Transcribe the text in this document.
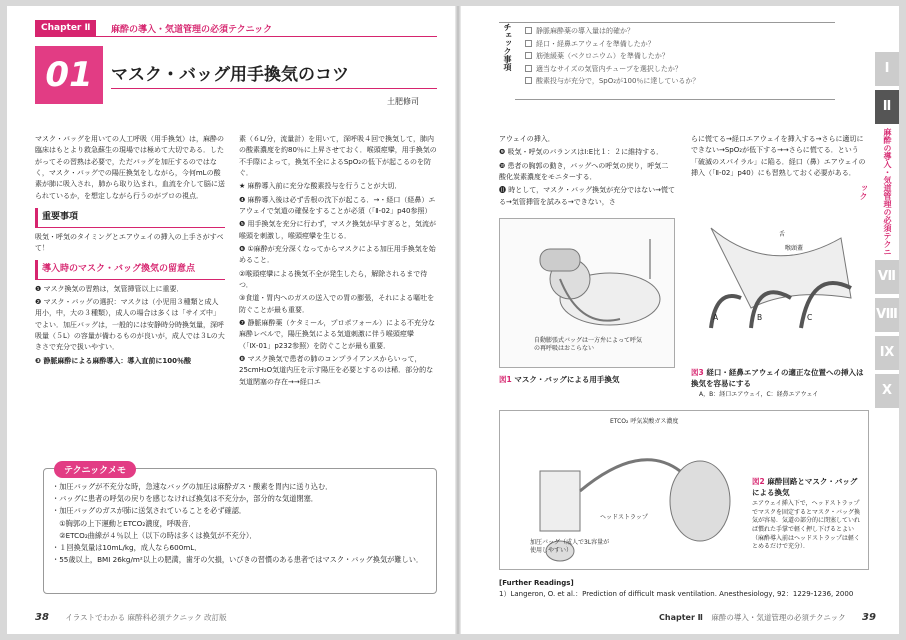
Chapter Ⅱ	麻酔の導入・気道管理の必須テクニック
01	マスク・バッグ用手換気のコツ
土肥修司

マスク・バッグを用いての人工呼吸（用手換気）は，麻酔の臨床はもとより救急蘇生の現場では極めて大切である．したがってその習熟は必要で，ただバッグを加圧するのではなく，マスク・バッグでの陽圧換気をしながら，今何mLの酸素が肺に吸入され，肺から取り込まれ，血流を介して脳に送られているか，を想定しながら行うのがプロの視点．

重要事項

吸気・呼気のタイミングとエアウェイの挿入の上手さがすべて！

導入時のマスク・バッグ換気の留意点

❶ マスク換気の習熟は，気管挿管以上に重要．

❷ マスク・バッグの選択：マスクは（小児用３種類と成人用小，中，大の３種類），成人の場合は多くは「サイズ中」でよい．加圧バッグは，一般的には安静時分時換気量，深呼吸量（５L）の容量が備わるものが良いが，成人では３Lの大きさで充分で扱いやすい．

❸ 静脈麻酔による麻酔導入：導入直前に100％酸

素（６L/分，流量計）を用いて，深呼吸４回で換気して，肺内の酸素濃度を約80％に上昇させておく．喉頭痙攣，用手換気の不手際によって，換気不全によるSpO₂の低下が起こるのを防ぐ．

★ 麻酔導入前に充分な酸素投与を行うことが大切．

❹ 麻酔導入後は必ず舌根の沈下が起こる．→・経口（経鼻）エアウェイで気道の確保をすることが必須（「Ⅱ-02」p40参照）

❺ 用手換気を充分に行わず，マスク換気が早すぎると，気流が喉頭を刺激し，喉頭痙攣を生じる．

❻ ①麻酔が充分深くなってからマスクによる加圧用手換気を始めること．

②喉頭痙攣による換気不全が発生したら，解除されるまで待つ．

③食道・胃内へのガスの送入での胃の膨張，それによる嘔吐を防ぐことが最も重要．

❼ 静脈麻酔薬（ケタミール，プロポフォール）による不充分な麻酔レベルで，陽圧換気による気道刺激に伴う喉頭痙攣（「Ⅸ-01」p232参照）を防ぐことが最も重要．

❽ マスク換気で患者の肺のコンプライアンスからいって，25cmH₂O気道内圧を示す陽圧を必要とするのは稀．部分的な気道閉塞の存在→→経口エ

テクニックメモ
・加圧バッグが不充分な時，急速なバッグの加圧は麻酔ガス・酸素を胃内に送り込む．
・バッグに患者の呼気の戻りを感じなければ換気は不充分か，部分的な気道閉塞．
・加圧バッグのガスが肺に送気されていることを必ず確認．
　①胸郭の上下運動とETCO₂濃度，呼吸音．
　②ETCO₂曲線が４％以上（以下の時は多くは換気が不充分）．
・１回換気量は10mL/kg，成人なら600mL．
・55歳以上，BMI 26kg/m²以上の肥満，歯牙の欠損，いびきの習慣のある患者ではマスク・バッグ換気が難しい．
38 イラストでわかる 麻酔科必須テクニック 改訂版
チェック事項	静脈麻酔薬の導入量は的確か？
経口・経鼻エアウェイを準備したか？
筋弛緩薬（ベクロニウム）を準備したか？
適当なサイズの気管内チューブを選択したか？
酸素投与が充分で，SpO₂が100％に達しているか？
Ⅰ
Ⅱ
麻酔の導入・気道管理の必須テクニック
Ⅶ
Ⅷ
Ⅸ
Ⅹ

アウェイの挿入．

❾ 吸気・呼気のバランスはI:E比１：２に維持する．

❿ 患者の胸郭の動き，バッグへの呼気の戻り，呼気二酸化炭素濃度をモニターする．

⓫ 時として，マスク・バッグ換気が充分ではない→慌てる→気管挿管を試みる→できない，さ

らに慌てる→経口エアウェイを挿入する→さらに適切にできない→SpO₂が低下する→→さらに慌てる．という「破滅のスパイラル」に陥る．経口（鼻）エアウェイの挿入（「Ⅱ-02」p40）にも習熟しておく必要がある．

自動膨張式バッグは一方弁によって呼気の再呼吸はおこらない
図1 マスク・バッグによる用手換気
舌
喉頭蓋
A	B	C
図3 経口・経鼻エアウェイの適正な位置への挿入は換気を容易にする
A，B：経口エアウェイ，C：経鼻エアウェイ
ETCO₂ 呼気炭酸ガス濃度
ヘッドストラップ
加圧バッグ（成人で3L容量が使用しやすい）
図2 麻酔回路とマスク・バッグによる換気
エアウェイ挿入下で，ヘッドストラップでマスクを固定するとマスク・バッグ換気が容易．気道の部分的に閉塞していれば慣れた手掌で軽く押し下げるとよい（麻酔導入前はヘッドストラップは軽くとめるだけで充分）．
[Further Readings]
1）Langeron, O. et al.：Prediction of difficult mask ventilation. Anesthesiology, 92：1229-1236, 2000
Chapter Ⅱ 麻酔の導入・気道管理の必須テクニック 39
